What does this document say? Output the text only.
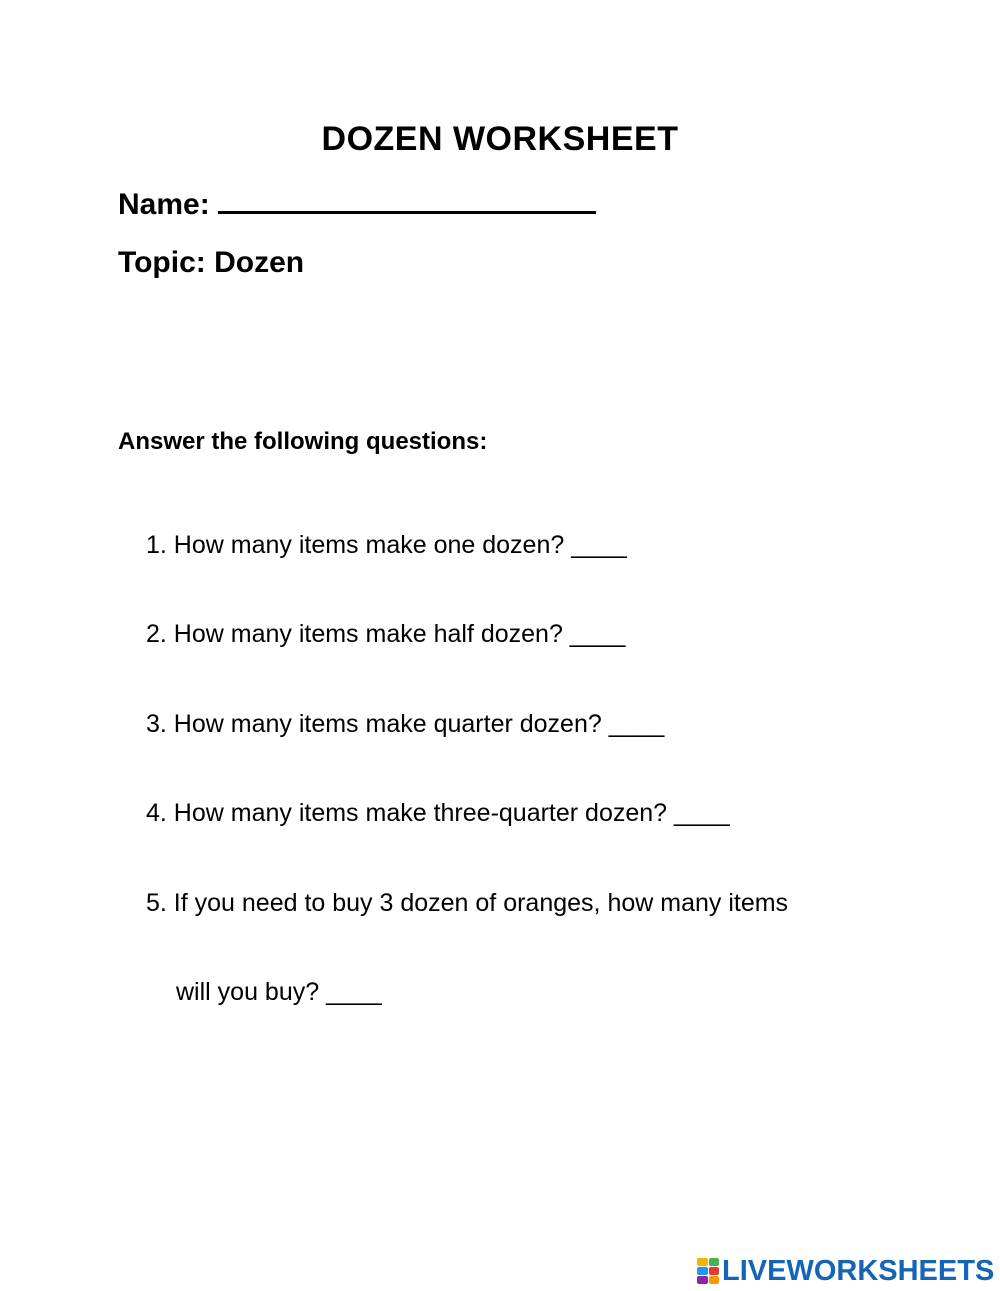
DOZEN WORKSHEET
Name:
Topic: Dozen
Answer the following questions:
1. How many items make one dozen? ____
2. How many items make half dozen? ____
3. How many items make quarter dozen? ____
4. How many items make three-quarter dozen? ____
5. If you need to buy 3 dozen of oranges, how many items
will you buy? ____
LIVEWORKSHEETS
